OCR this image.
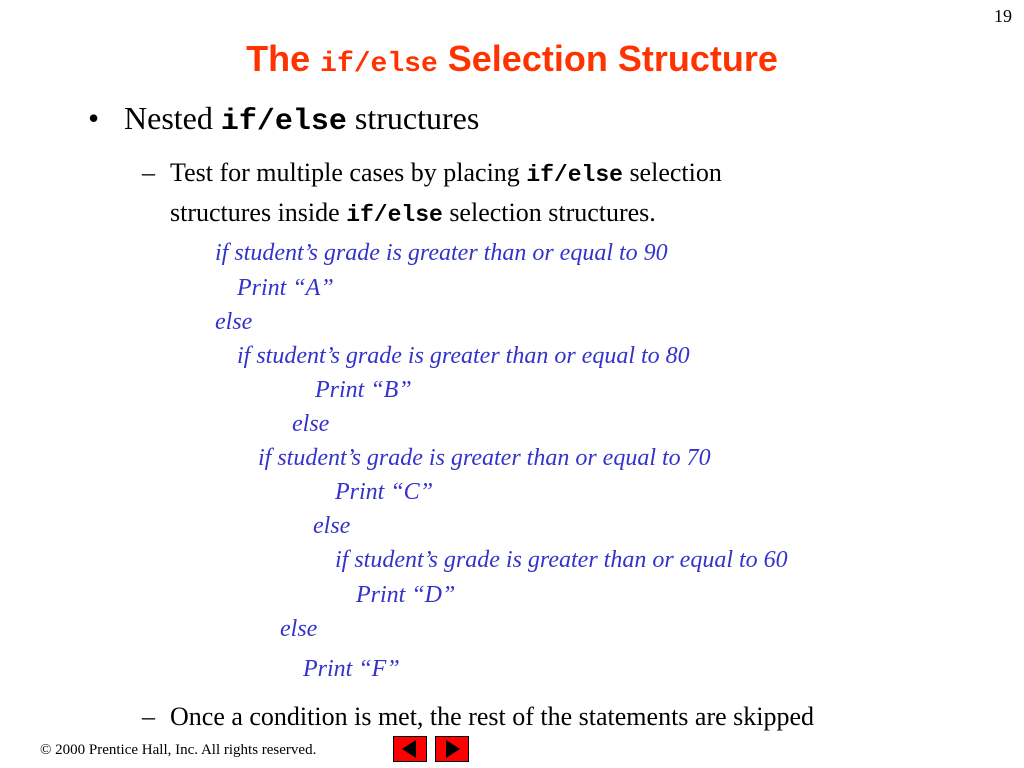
19
The if/else Selection Structure
• Nested if/else structures
– Test for multiple cases by placing if/else selection
structures inside if/else selection structures.
if student’s grade is greater than or equal to 90
Print “A”
else
if student’s grade is greater than or equal to 80
Print “B”
else
if student’s grade is greater than or equal to 70
Print “C”
else
if student’s grade is greater than or equal to 60
Print “D”
else
Print “F”
– Once a condition is met, the rest of the statements are skipped
© 2000 Prentice Hall, Inc. All rights reserved.
